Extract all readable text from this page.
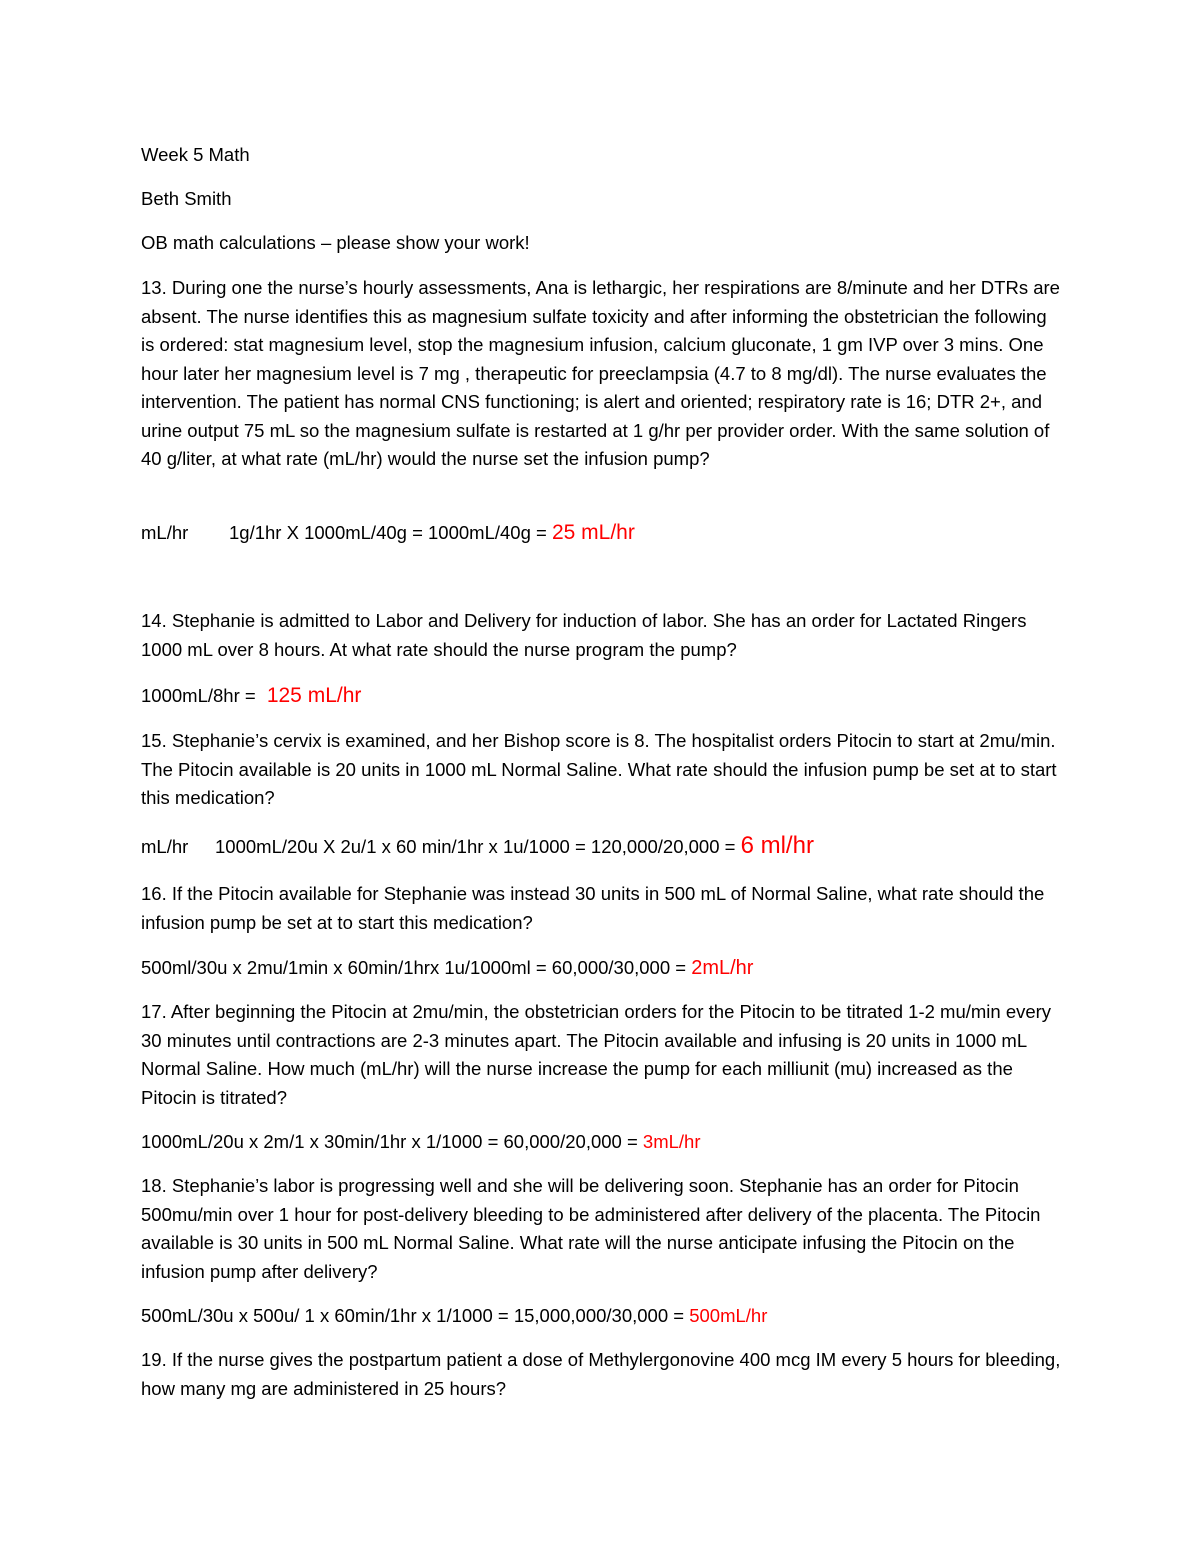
Week 5 Math
Beth Smith
OB math calculations – please show your work!
13. During one the nurse’s hourly assessments, Ana is lethargic, her respirations are 8/minute and her DTRs are absent. The nurse identifies this as magnesium sulfate toxicity and after informing the obstetrician the following is ordered: stat magnesium level, stop the magnesium infusion, calcium gluconate, 1 gm IVP over 3 mins. One hour later her magnesium level is 7 mg , therapeutic for preeclampsia (4.7 to 8 mg/dl). The nurse evaluates the intervention. The patient has normal CNS functioning; is alert and oriented; respiratory rate is 16; DTR 2+, and urine output 75 mL so the magnesium sulfate is restarted at 1 g/hr per provider order. With the same solution of 40 g/liter, at what rate (mL/hr) would the nurse set the infusion pump?
mL/hr 1g/1hr X 1000mL/40g = 1000mL/40g = 25 mL/hr
14. Stephanie is admitted to Labor and Delivery for induction of labor. She has an order for Lactated Ringers 1000 mL over 8 hours. At what rate should the nurse program the pump?
1000mL/8hr = 125 mL/hr
15. Stephanie’s cervix is examined, and her Bishop score is 8. The hospitalist orders Pitocin to start at 2mu/min. The Pitocin available is 20 units in 1000 mL Normal Saline. What rate should the infusion pump be set at to start this medication?
mL/hr 1000mL/20u X 2u/1 x 60 min/1hr x 1u/1000 = 120,000/20,000 = 6 ml/hr
16. If the Pitocin available for Stephanie was instead 30 units in 500 mL of Normal Saline, what rate should the infusion pump be set at to start this medication?
500ml/30u x 2mu/1min x 60min/1hrx 1u/1000ml = 60,000/30,000 = 2mL/hr
17. After beginning the Pitocin at 2mu/min, the obstetrician orders for the Pitocin to be titrated 1-2 mu/min every 30 minutes until contractions are 2-3 minutes apart. The Pitocin available and infusing is 20 units in 1000 mL Normal Saline. How much (mL/hr) will the nurse increase the pump for each milliunit (mu) increased as the Pitocin is titrated?
1000mL/20u x 2m/1 x 30min/1hr x 1/1000 = 60,000/20,000 = 3mL/hr
18. Stephanie’s labor is progressing well and she will be delivering soon. Stephanie has an order for Pitocin 500mu/min over 1 hour for post-delivery bleeding to be administered after delivery of the placenta. The Pitocin available is 30 units in 500 mL Normal Saline. What rate will the nurse anticipate infusing the Pitocin on the infusion pump after delivery?
500mL/30u x 500u/ 1 x 60min/1hr x 1/1000 = 15,000,000/30,000 = 500mL/hr
19. If the nurse gives the postpartum patient a dose of Methylergonovine 400 mcg IM every 5 hours for bleeding, how many mg are administered in 25 hours?
